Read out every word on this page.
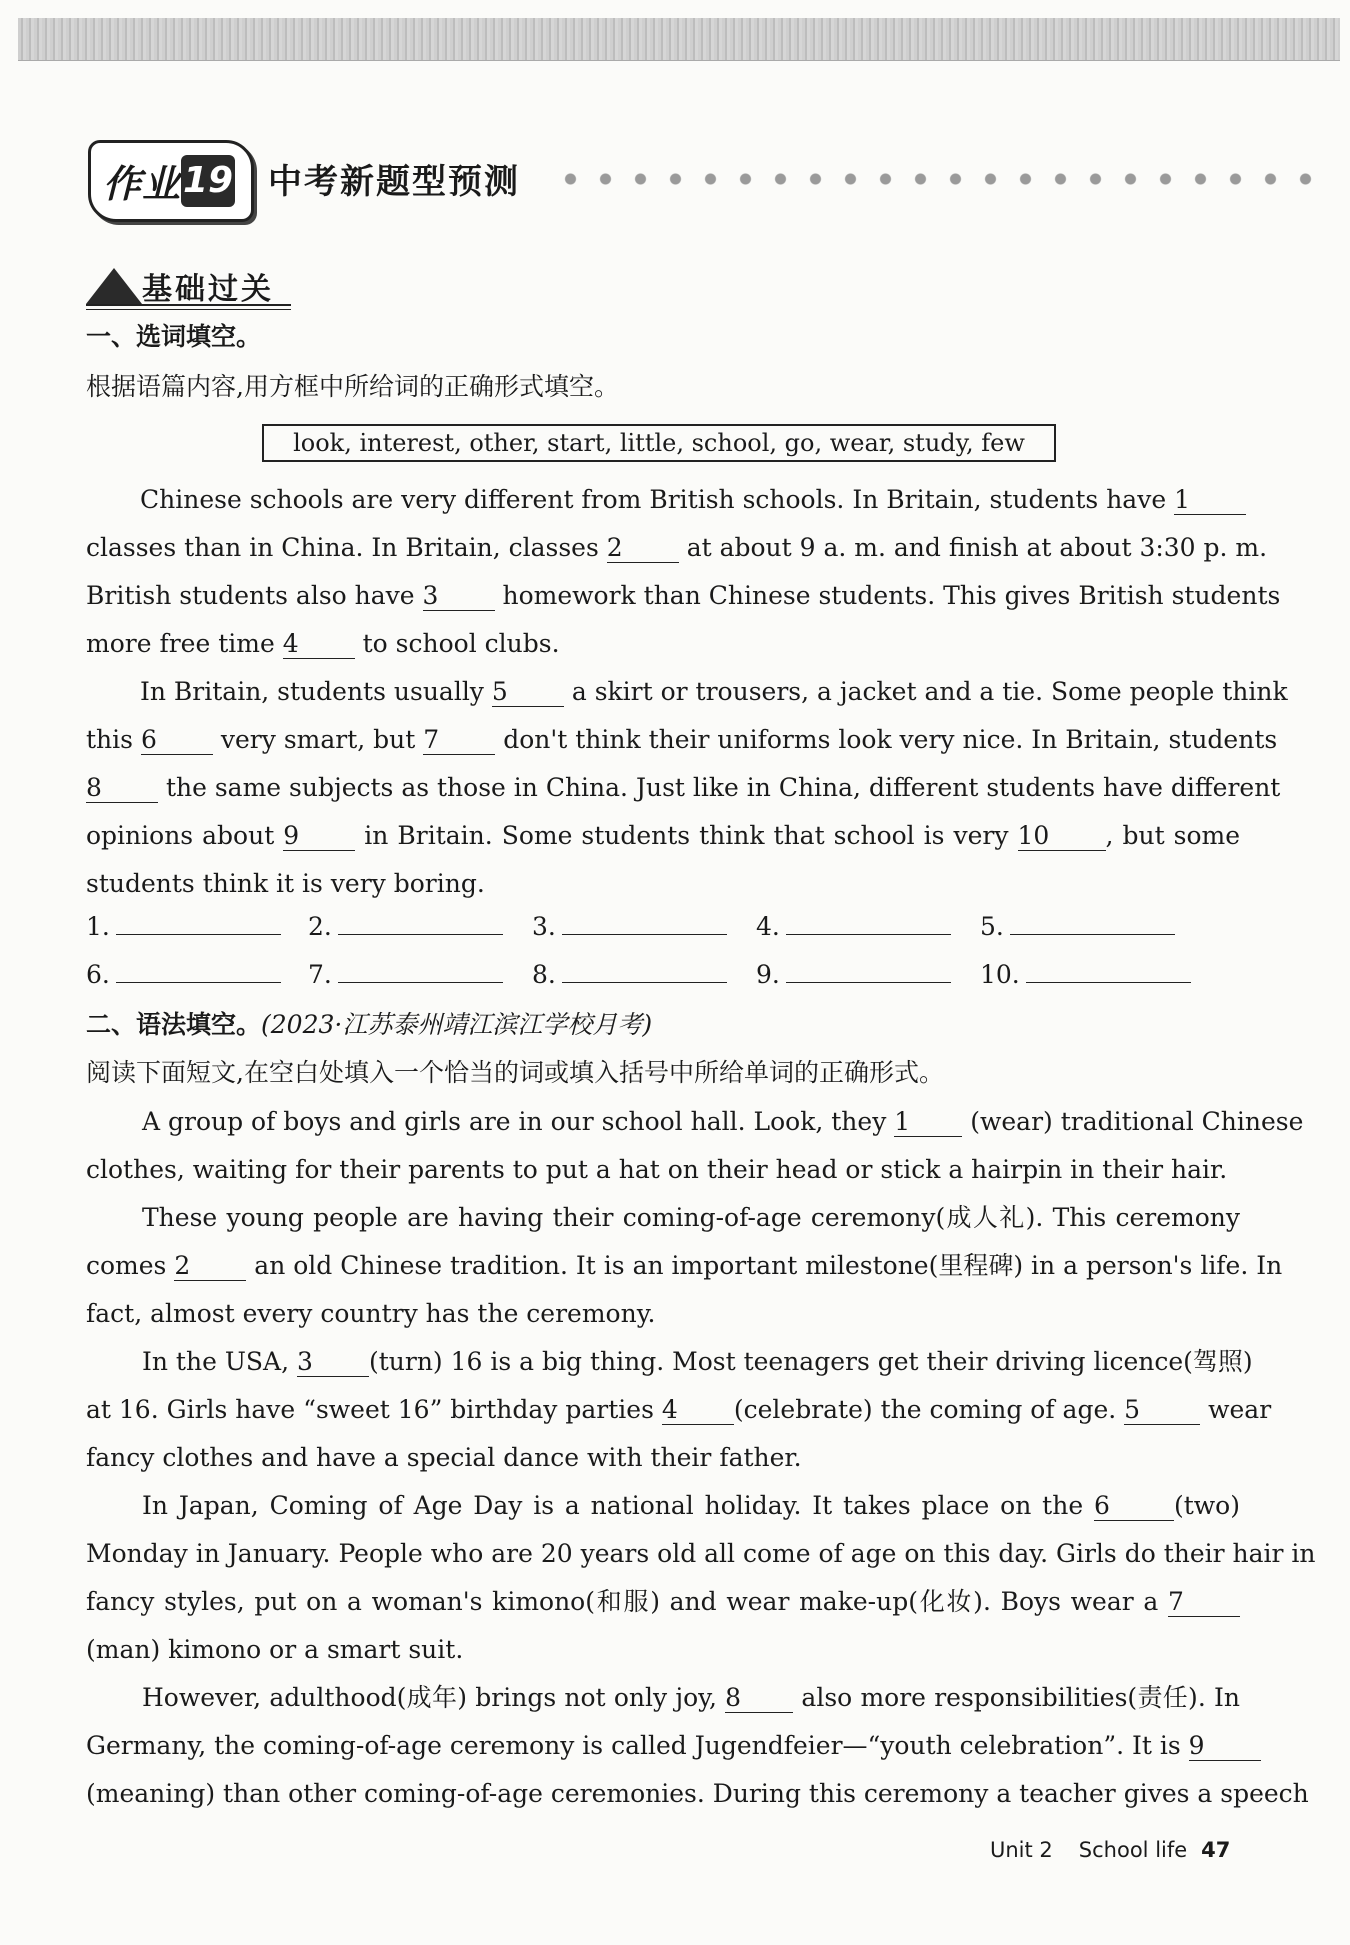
作业 19 中考新题型预测
基础过关
一、选词填空。
根据语篇内容,用方框中所给词的正确形式填空。
look, interest, other, start, little, school, go, wear, study, few
Chinese schools are very different from British schools. In Britain, students have 1
classes than in China. In Britain, classes 2	at about 9 a. m. and finish at about 3:30 p. m.
British students also have 3	homework than Chinese students. This gives British students
more free time 4	to school clubs.
In Britain, students usually 5	a skirt or trousers, a jacket and a tie. Some people think
this 6	very smart, but 7	don't think their uniforms look very nice. In Britain, students
8	the same subjects as those in China. Just like in China, different students have different
opinions about 9	in Britain. Some students think that school is very 10 , but some
students think it is very boring.
1.	2.	3.	4.	5.
6.	7.	8.	9.	10.
二、语法填空。(2023·江苏泰州靖江滨江学校月考)
阅读下面短文,在空白处填入一个恰当的词或填入括号中所给单词的正确形式。
A group of boys and girls are in our school hall. Look, they 1 (wear) traditional Chinese
clothes, waiting for their parents to put a hat on their head or stick a hairpin in their hair.
These young people are having their coming-of-age ceremony(成人礼). This ceremony
comes 2	an old Chinese tradition. It is an important milestone(里程碑) in a person's life. In
fact, almost every country has the ceremony.
In the USA, 3 (turn) 16 is a big thing. Most teenagers get their driving licence(驾照)
at 16. Girls have “sweet 16” birthday parties 4 (celebrate) the coming of age. 5	wear
fancy clothes and have a special dance with their father.
In Japan, Coming of Age Day is a national holiday. It takes place on the 6	(two)
Monday in January. People who are 20 years old all come of age on this day. Girls do their hair in
fancy styles, put on a woman's kimono(和服) and wear make-up(化妆). Boys wear a 7
(man) kimono or a smart suit.
However, adulthood(成年) brings not only joy, 8 also more responsibilities(责任). In
Germany, the coming-of-age ceremony is called Jugendfeier—“youth celebration”. It is 9
(meaning) than other coming-of-age ceremonies. During this ceremony a teacher gives a speech
Unit 2 School life 47
